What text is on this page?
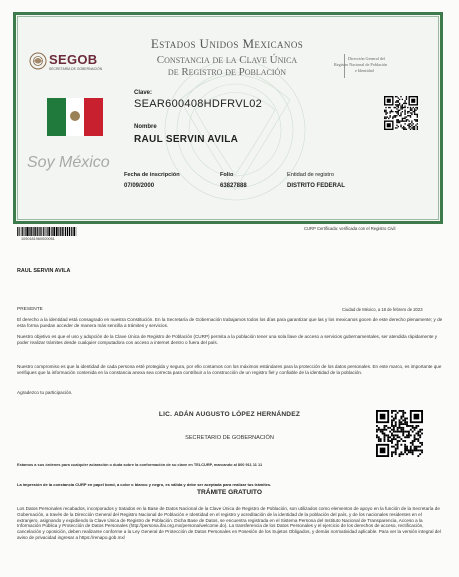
SEGOB
SECRETARÍA DE GOBERNACIÓN
Estados Unidos Mexicanos
Constancia de la Clave Única
de Registro de Población
Dirección General del
Registro Nacional de Población
e Identidad
Clave:
SEAR600408HDFRVL02
Nombre
RAUL SERVIN AVILA
Soy México
Fecha de inscripción
07/09/2000
Folio
63827888
Entidad de registro
DISTRITO FEDERAL
1090181960000051
CURP Certificada: verificada con el Registro Civil
RAUL SERVIN AVILA
PRESENTE	Ciudad de México, a 18 de febrero de 2023
El derecho a la identidad está consagrado en nuestra Constitución. En la Secretaría de Gobernación trabajamos todos los días para garantizar que las y los mexicanos gocen de este derecho plenamente; y de esta forma puedan acceder de manera más sencilla a trámites y servicios.
Nuestro objetivo es que el uso y adopción de la Clave Única de Registro de Población (CURP) permita a la población tener una sola llave de acceso a servicios gubernamentales, ser atendida rápidamente y poder realizar trámites desde cualquier computadora con acceso a internet dentro o fuera del país.
Nuestro compromiso es que la identidad de cada persona esté protegida y segura, por ello contamos con los máximos estándares para la protección de los datos personales. En este marco, es importante que verifiques que la información contenida en la constancia anexa sea correcta para contribuir a la construcción de un registro fiel y confiable de la identidad de la población.
Agradezco tu participación.
LIC. ADÁN AUGUSTO LÓPEZ HERNÁNDEZ
SECRETARIO DE GOBERNACIÓN
Estamos a sus órdenes para cualquier aclaración o duda sobre la conformación de su clave en TELCURP, marcando al 800 911 11 11
La impresión de la constancia CURP en papel bond, a color o blanco y negro, es válida y debe ser aceptada para realizar tus trámites.
TRÁMITE GRATUITO
Los Datos Personales recabados, incorporados y tratados en la Base de Datos Nacional de la Clave Única de Registro de Población, son utilizados como elementos de apoyo en la función de la Secretaría de Gobernación, a través de la Dirección General del Registro Nacional de Población e Identidad en el registro y acreditación de la identidad de la población del país, y de los nacionales residentes en el extranjero, asignando y expidiendo la Clave Única de Registro de Población. Dicha Base de Datos, se encuentra registrada en el Sistema Persona del Instituto Nacional de Transparencia, Acceso a la Información Pública y Protección de Datos Personales (http://persona.ifai.org.mx/persona/welcome.do). La transferencia de los Datos Personales y el ejercicio de los derechos de acceso, rectificación, cancelación y oposición, deben realizarse conforme a la Ley General de Protección de Datos Personales en Posesión de los Sujetos Obligados, y demás normatividad aplicable. Para ver la versión integral del aviso de privacidad ingresar a https://renapo.gob.mx/
